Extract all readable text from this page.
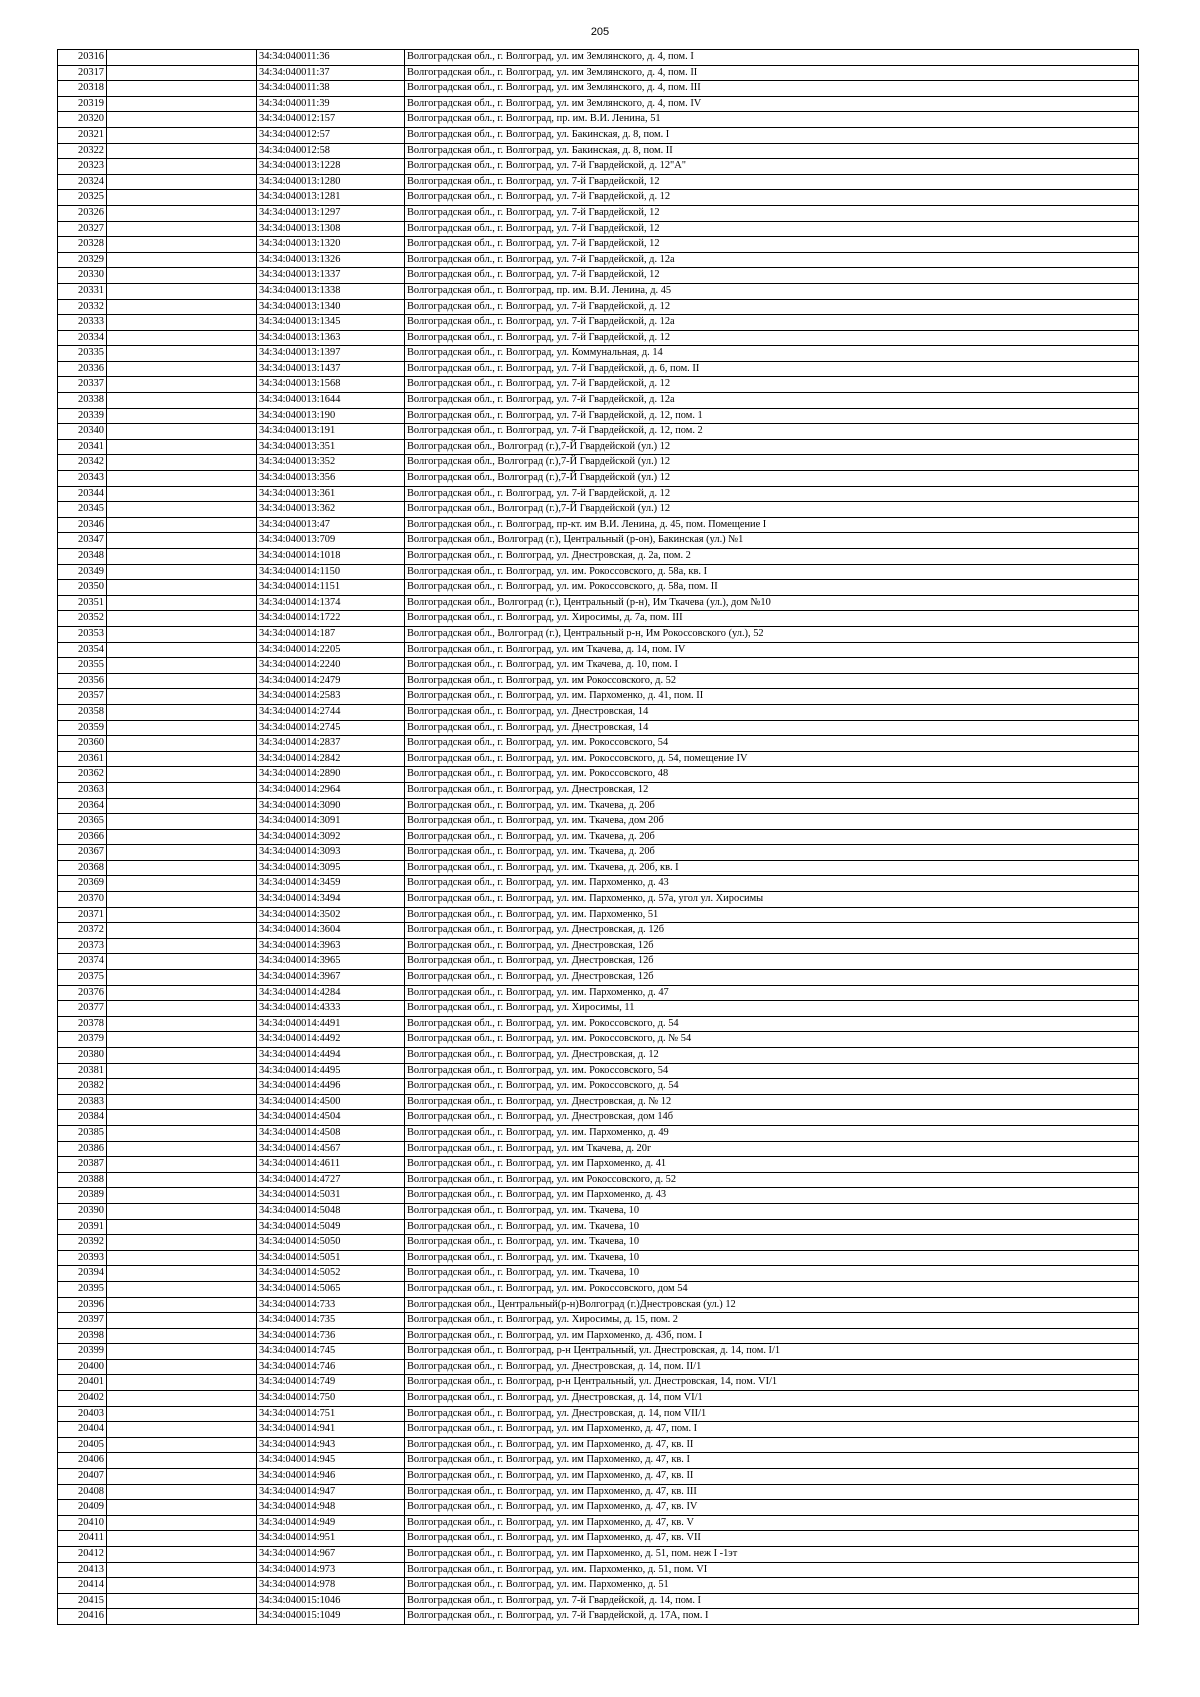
205
20316		34:34:040011:36	Волгоградская обл., г. Волгоград, ул. им Землянского, д. 4, пом. I
20317		34:34:040011:37	Волгоградская обл., г. Волгоград, ул. им Землянского, д. 4, пом. II
20318		34:34:040011:38	Волгоградская обл., г. Волгоград, ул. им Землянского, д. 4, пом. III
20319		34:34:040011:39	Волгоградская обл., г. Волгоград, ул. им Землянского, д. 4, пом. IV
20320		34:34:040012:157	Волгоградская обл., г. Волгоград, пр. им. В.И. Ленина, 51
20321		34:34:040012:57	Волгоградская обл., г. Волгоград, ул. Бакинская, д. 8, пом. I
20322		34:34:040012:58	Волгоградская обл., г. Волгоград, ул. Бакинская, д. 8, пом. II
20323		34:34:040013:1228	Волгоградская обл., г. Волгоград, ул. 7-й Гвардейской, д. 12"А"
20324		34:34:040013:1280	Волгоградская обл., г. Волгоград, ул. 7-й Гвардейской, 12
20325		34:34:040013:1281	Волгоградская обл., г. Волгоград, ул. 7-й Гвардейской, д. 12
20326		34:34:040013:1297	Волгоградская обл., г. Волгоград, ул. 7-й Гвардейской, 12
20327		34:34:040013:1308	Волгоградская обл., г. Волгоград, ул. 7-й Гвардейской, 12
20328		34:34:040013:1320	Волгоградская обл., г. Волгоград, ул. 7-й Гвардейской, 12
20329		34:34:040013:1326	Волгоградская обл., г. Волгоград, ул. 7-й Гвардейской, д. 12а
20330		34:34:040013:1337	Волгоградская обл., г. Волгоград, ул. 7-й Гвардейской, 12
20331		34:34:040013:1338	Волгоградская обл., г. Волгоград, пр. им. В.И. Ленина, д. 45
20332		34:34:040013:1340	Волгоградская обл., г. Волгоград, ул. 7-й Гвардейской, д. 12
20333		34:34:040013:1345	Волгоградская обл., г. Волгоград, ул. 7-й Гвардейской, д. 12а
20334		34:34:040013:1363	Волгоградская обл., г. Волгоград, ул. 7-й Гвардейской, д. 12
20335		34:34:040013:1397	Волгоградская обл., г. Волгоград, ул. Коммунальная, д. 14
20336		34:34:040013:1437	Волгоградская обл., г. Волгоград, ул. 7-й Гвардейской, д. 6, пом. II
20337		34:34:040013:1568	Волгоградская обл., г. Волгоград, ул. 7-й Гвардейской, д. 12
20338		34:34:040013:1644	Волгоградская обл., г. Волгоград, ул. 7-й Гвардейской, д. 12а
20339		34:34:040013:190	Волгоградская обл., г. Волгоград, ул. 7-й Гвардейской, д. 12, пом. 1
20340		34:34:040013:191	Волгоградская обл., г. Волгоград, ул. 7-й Гвардейской, д. 12, пом. 2
20341		34:34:040013:351	Волгоградская обл., Волгоград (г.),7-Й Гвардейской (ул.) 12
20342		34:34:040013:352	Волгоградская обл., Волгоград (г.),7-Й Гвардейской (ул.) 12
20343		34:34:040013:356	Волгоградская обл., Волгоград (г.),7-Й Гвардейской (ул.) 12
20344		34:34:040013:361	Волгоградская обл., г. Волгоград, ул. 7-й Гвардейской, д. 12
20345		34:34:040013:362	Волгоградская обл., Волгоград (г.),7-Й Гвардейской (ул.) 12
20346		34:34:040013:47	Волгоградская обл., г. Волгоград, пр-кт. им В.И. Ленина, д. 45, пом. Помещение I
20347		34:34:040013:709	Волгоградская обл., Волгоград (г.), Центральный (р-он), Бакинская (ул.) №1
20348		34:34:040014:1018	Волгоградская обл., г. Волгоград, ул. Днестровская, д. 2а, пом. 2
20349		34:34:040014:1150	Волгоградская обл., г. Волгоград, ул. им. Рокоссовского, д. 58а, кв. I
20350		34:34:040014:1151	Волгоградская обл., г. Волгоград, ул. им. Рокоссовского, д. 58а, пом. II
20351		34:34:040014:1374	Волгоградская обл., Волгоград (г.), Центральный (р-н), Им Ткачева (ул.), дом №10
20352		34:34:040014:1722	Волгоградская обл., г. Волгоград, ул. Хиросимы, д. 7а, пом. III
20353		34:34:040014:187	Волгоградская обл., Волгоград (г.), Центральный р-н, Им Рокоссовского (ул.), 52
20354		34:34:040014:2205	Волгоградская обл., г. Волгоград, ул. им Ткачева, д. 14, пом. IV
20355		34:34:040014:2240	Волгоградская обл., г. Волгоград, ул. им Ткачева, д. 10, пом. I
20356		34:34:040014:2479	Волгоградская обл., г. Волгоград, ул. им Рокоссовского, д. 52
20357		34:34:040014:2583	Волгоградская обл., г. Волгоград, ул. им. Пархоменко, д. 41, пом. II
20358		34:34:040014:2744	Волгоградская обл., г. Волгоград, ул. Днестровская, 14
20359		34:34:040014:2745	Волгоградская обл., г. Волгоград, ул. Днестровская, 14
20360		34:34:040014:2837	Волгоградская обл., г. Волгоград, ул. им. Рокоссовского, 54
20361		34:34:040014:2842	Волгоградская обл., г. Волгоград, ул. им. Рокоссовского, д. 54, помещение IV
20362		34:34:040014:2890	Волгоградская обл., г. Волгоград, ул. им. Рокоссовского, 48
20363		34:34:040014:2964	Волгоградская обл., г. Волгоград, ул. Днестровская, 12
20364		34:34:040014:3090	Волгоградская обл., г. Волгоград, ул. им. Ткачева, д. 20б
20365		34:34:040014:3091	Волгоградская обл., г. Волгоград, ул. им. Ткачева, дом 20б
20366		34:34:040014:3092	Волгоградская обл., г. Волгоград, ул. им. Ткачева, д. 20б
20367		34:34:040014:3093	Волгоградская обл., г. Волгоград, ул. им. Ткачева, д. 20б
20368		34:34:040014:3095	Волгоградская обл., г. Волгоград, ул. им. Ткачева, д. 20б, кв. I
20369		34:34:040014:3459	Волгоградская обл., г. Волгоград, ул. им. Пархоменко, д. 43
20370		34:34:040014:3494	Волгоградская обл., г. Волгоград, ул. им. Пархоменко, д. 57а, угол ул. Хиросимы
20371		34:34:040014:3502	Волгоградская обл., г. Волгоград, ул. им. Пархоменко, 51
20372		34:34:040014:3604	Волгоградская обл., г. Волгоград, ул. Днестровская, д. 12б
20373		34:34:040014:3963	Волгоградская обл., г. Волгоград, ул. Днестровская, 12б
20374		34:34:040014:3965	Волгоградская обл., г. Волгоград, ул. Днестровская, 12б
20375		34:34:040014:3967	Волгоградская обл., г. Волгоград, ул. Днестровская, 12б
20376		34:34:040014:4284	Волгоградская обл., г. Волгоград, ул. им. Пархоменко, д. 47
20377		34:34:040014:4333	Волгоградская обл., г. Волгоград, ул. Хиросимы, 11
20378		34:34:040014:4491	Волгоградская обл., г. Волгоград, ул. им. Рокоссовского, д. 54
20379		34:34:040014:4492	Волгоградская обл., г. Волгоград, ул. им. Рокоссовского, д. № 54
20380		34:34:040014:4494	Волгоградская обл., г. Волгоград, ул. Днестровская, д. 12
20381		34:34:040014:4495	Волгоградская обл., г. Волгоград, ул. им. Рокоссовского, 54
20382		34:34:040014:4496	Волгоградская обл., г. Волгоград, ул. им. Рокоссовского, д. 54
20383		34:34:040014:4500	Волгоградская обл., г. Волгоград, ул. Днестровская, д. № 12
20384		34:34:040014:4504	Волгоградская обл., г. Волгоград, ул. Днестровская, дом 14б
20385		34:34:040014:4508	Волгоградская обл., г. Волгоград, ул. им. Пархоменко, д. 49
20386		34:34:040014:4567	Волгоградская обл., г. Волгоград, ул. им Ткачева, д. 20г
20387		34:34:040014:4611	Волгоградская обл., г. Волгоград, ул. им Пархоменко, д. 41
20388		34:34:040014:4727	Волгоградская обл., г. Волгоград, ул. им Рокоссовского, д. 52
20389		34:34:040014:5031	Волгоградская обл., г. Волгоград, ул. им Пархоменко, д. 43
20390		34:34:040014:5048	Волгоградская обл., г. Волгоград, ул. им. Ткачева, 10
20391		34:34:040014:5049	Волгоградская обл., г. Волгоград, ул. им. Ткачева, 10
20392		34:34:040014:5050	Волгоградская обл., г. Волгоград, ул. им. Ткачева, 10
20393		34:34:040014:5051	Волгоградская обл., г. Волгоград, ул. им. Ткачева, 10
20394		34:34:040014:5052	Волгоградская обл., г. Волгоград, ул. им. Ткачева, 10
20395		34:34:040014:5065	Волгоградская обл., г. Волгоград, ул. им. Рокоссовского, дом 54
20396		34:34:040014:733	Волгоградская обл., Центральный(р-н)Волгоград (г.)Днестровская (ул.) 12
20397		34:34:040014:735	Волгоградская обл., г. Волгоград, ул. Хиросимы, д. 15, пом. 2
20398		34:34:040014:736	Волгоградская обл., г. Волгоград, ул. им Пархоменко, д. 43б, пом. I
20399		34:34:040014:745	Волгоградская обл., г. Волгоград, р-н Центральный, ул. Днестровская, д. 14, пом. I/1
20400		34:34:040014:746	Волгоградская обл., г. Волгоград, ул. Днестровская, д. 14, пом. II/1
20401		34:34:040014:749	Волгоградская обл., г. Волгоград, р-н Центральный, ул. Днестровская, 14, пом. VI/1
20402		34:34:040014:750	Волгоградская обл., г. Волгоград, ул. Днестровская, д. 14, пом VI/1
20403		34:34:040014:751	Волгоградская обл., г. Волгоград, ул. Днестровская, д. 14, пом VII/1
20404		34:34:040014:941	Волгоградская обл., г. Волгоград, ул. им Пархоменко, д. 47, пом. I
20405		34:34:040014:943	Волгоградская обл., г. Волгоград, ул. им Пархоменко, д. 47, кв. II
20406		34:34:040014:945	Волгоградская обл., г. Волгоград, ул. им Пархоменко, д. 47, кв. I
20407		34:34:040014:946	Волгоградская обл., г. Волгоград, ул. им Пархоменко, д. 47, кв. II
20408		34:34:040014:947	Волгоградская обл., г. Волгоград, ул. им Пархоменко, д. 47, кв. III
20409		34:34:040014:948	Волгоградская обл., г. Волгоград, ул. им Пархоменко, д. 47, кв. IV
20410		34:34:040014:949	Волгоградская обл., г. Волгоград, ул. им Пархоменко, д. 47, кв. V
20411		34:34:040014:951	Волгоградская обл., г. Волгоград, ул. им Пархоменко, д. 47, кв. VII
20412		34:34:040014:967	Волгоградская обл., г. Волгоград, ул. им Пархоменко, д. 51, пом. неж I -1эт
20413		34:34:040014:973	Волгоградская обл., г. Волгоград, ул. им. Пархоменко, д. 51, пом. VI
20414		34:34:040014:978	Волгоградская обл., г. Волгоград, ул. им. Пархоменко, д. 51
20415		34:34:040015:1046	Волгоградская обл., г. Волгоград, ул. 7-й Гвардейской, д. 14, пом. I
20416		34:34:040015:1049	Волгоградская обл., г. Волгоград, ул. 7-й Гвардейской, д. 17А, пом. I
